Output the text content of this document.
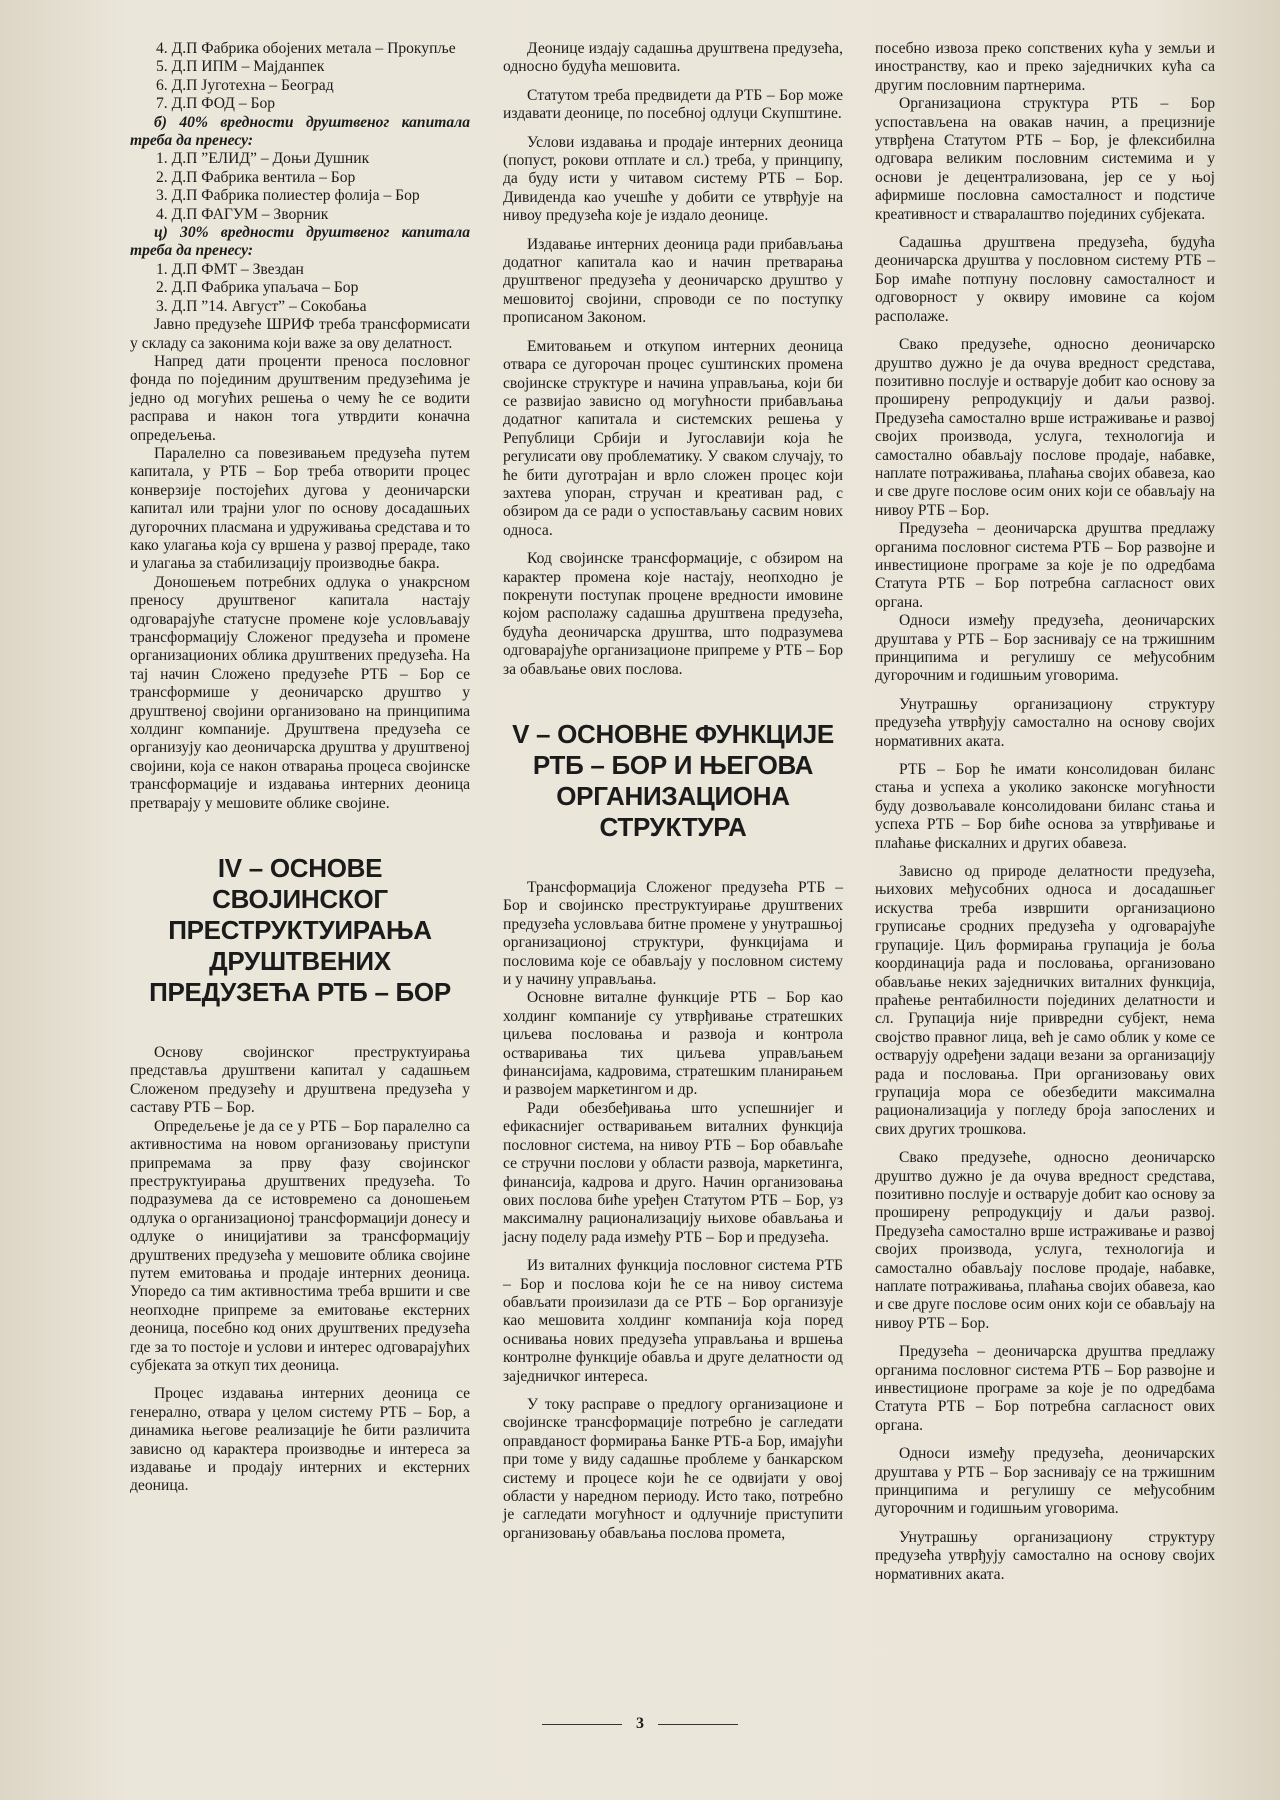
4. Д.П Фабрика обојених метала – Прокупље
5. Д.П ИПМ – Мајданпек
6. Д.П Југотехна – Београд
7. Д.П ФОД – Бор

б) 40% вредности друштвеног капитала треба да пренесу:

1. Д.П ”ЕЛИД” – Доњи Душник
2. Д.П Фабрика вентила – Бор
3. Д.П Фабрика полиестер фолија – Бор
4. Д.П ФАГУМ – Зворник

ц) 30% вредности друштвеног капитала треба да пренесу:

1. Д.П ФМТ – Звездан
2. Д.П Фабрика упаљача – Бор
3. Д.П ”14. Август” – Сокобања

Јавно предузеће ШРИФ треба трансформисати у складу са законима који важе за ову делатност.

Напред дати проценти преноса пословног фонда по појединим друштвеним предузећима је једно од могућих решења о чему ће се водити расправа и након тога утврдити коначна опредељења.

Паралелно са повезивањем предузећа путем капитала, у РТБ – Бор треба отворити процес конверзије постојећих дугова у деоничарски капитал или трајни улог по основу досадашњих дугорочних пласмана и удруживања средстава и то како улагања која су вршена у развој прераде, тако и улагања за стабилизацију производње бакра.

Доношењем потребних одлука о унакрсном преносу друштвеног капитала настају одговарајуће статусне промене које условљавају трансформацију Сложеног предузећа и промене организационих облика друштвених предузећа. На тај начин Сложено предузеће РТБ – Бор се трансформише у деоничарско друштво у друштвеној својини организовано на принципима холдинг компаније. Друштвена предузећа се организују као деоничарска друштва у друштвеној својини, која се након отварања процеса својинске трансформације и издавања интерних деоница претварају у мешовите облике својине.

IV – ОСНОВЕ
СВОЈИНСКОГ
ПРЕСТРУКТУИРАЊА
ДРУШТВЕНИХ
ПРЕДУЗЕЋА РТБ – БОР

Основу својинског преструктуирања представља друштвени капитал у садашњем Сложеном предузећу и друштвена предузећа у саставу РТБ – Бор.

Опредељење је да се у РТБ – Бор паралелно са активностима на новом организовању приступи припремама за прву фазу својинског преструктуирања друштвених предузећа. То подразумева да се истовремено са доношењем одлука о организационој трансформацији донесу и одлуке о иницијативи за трансформацију друштвених предузећа у мешовите облика својине путем емитовања и продаје интерних деоница. Упоредо са тим активностима треба вршити и све неопходне припреме за емитовање екстерних деоница, посебно код оних друштвених предузећа где за то постоје и услови и интерес одговарајућих субјеката за откуп тих деоница.

Процес издавања интерних деоница се генерално, отвара у целом систему РТБ – Бор, а динамика његове реализације ће бити различита зависно од карактера производње и интереса за издавање и продају интерних и екстерних деоница.

Деонице издају садашња друштвена предузећа, односно будућа мешовита.

Статутом треба предвидети да РТБ – Бор може издавати деонице, по посебној одлуци Скупштине.

Услови издавања и продаје интерних деоница (попуст, рокови отплате и сл.) треба, у принципу, да буду исти у читавом систему РТБ – Бор. Дивиденда као учешће у добити се утврђује на нивоу предузећа које је издало деонице.

Издавање интерних деоница ради прибављања додатног капитала као и начин претварања друштвеног предузећа у деоничарско друштво у мешовитој својини, спроводи се по поступку прописаном Законом.

Емитовањем и откупом интерних деоница отвара се дугорочан процес суштинских промена својинске структуре и начина управљања, који би се развијао зависно од могућности прибављања додатног капитала и системских решења у Републици Србији и Југославији која ће регулисати ову проблематику. У сваком случају, то ће бити дуготрајан и врло сложен процес који захтева упоран, стручан и креативан рад, с обзиром да се ради о успостављању сасвим нових односа.

Код својинске трансформације, с обзиром на карактер промена које настају, неопходно је покренути поступак процене вредности имовине којом располажу садашња друштвена предузећа, будућа деоничарска друштва, што подразумева одговарајуће организационе припреме у РТБ – Бор за обављање ових послова.

V – ОСНОВНЕ ФУНКЦИЈЕ
РТБ – БОР И ЊЕГОВА
ОРГАНИЗАЦИОНА
СТРУКТУРА

Трансформација Сложеног предузећа РТБ – Бор и својинско преструктуирање друштвених предузећа условљава битне промене у унутрашњој организационој структури, функцијама и пословима које се обављају у пословном систему и у начину управљања.

Основне виталне функције РТБ – Бор као холдинг компаније су утврђивање стратешких циљева пословања и развоја и контрола остваривања тих циљева управљањем финансијама, кадровима, стратешким планирањем и развојем маркетингом и др.

Ради обезбеђивања што успешнијег и ефикаснијег остваривањем виталних функција пословног система, на нивоу РТБ – Бор обављаће се стручни послови у области развоја, маркетинга, финансија, кадрова и друго. Начин организовања ових послова биће уређен Статутом РТБ – Бор, уз максималну рационализацију њихове обављања и јасну поделу рада између РТБ – Бор и предузећа.

Из виталних функција пословног система РТБ – Бор и послова који ће се на нивоу система обављати произилази да се РТБ – Бор организује као мешовита холдинг компанија која поред оснивања нових предузећа управљања и вршења контролне функције обавља и друге делатности од заједничког интереса.

У току расправе о предлогу организационе и својинске трансформације потребно је сагледати оправданост формирања Банке РТБ-а Бор, имајући при томе у виду садашње проблеме у банкарском систему и процесе који ће се одвијати у овој области у наредном периоду. Исто тако, потребно је сагледати могућност и одлучније приступити организовању обављања послова промета,

посебно извоза преко сопствених кућа у земљи и иностранству, као и преко заједничких кућа са другим пословним партнерима.

Организациона структура РТБ – Бор успостављена на овакав начин, а прецизније утврђена Статутом РТБ – Бор, је флексибилна одговара великим пословним системима и у основи је децентрализована, јер се у њој афирмише пословна самосталност и подстиче креативност и стваралаштво појединих субјеката.

Садашња друштвена предузећа, будућа деоничарска друштва у пословном систему РТБ – Бор имаће потпуну пословну самосталност и одговорност у оквиру имовине са којом располаже.

Свако предузеће, односно деоничарско друштво дужно је да очува вредност средстава, позитивно послује и остварује добит као основу за проширену репродукцију и даљи развој. Предузећа самостално врше истраживање и развој својих производа, услуга, технологија и самостално обављају послове продаје, набавке, наплате потраживања, плаћања својих обавеза, као и све друге послове осим оних који се обављају на нивоу РТБ – Бор.

Предузећа – деоничарска друштва предлажу органима пословног система РТБ – Бор развојне и инвестиционе програме за које је по одредбама Статута РТБ – Бор потребна сагласност ових органа.

Односи између предузећа, деоничарских друштава у РТБ – Бор заснивају се на тржишним принципима и регулишу се међусобним дугорочним и годишњим уговорима.

Унутрашњу организациону структуру предузећа утврђују самостално на основу својих нормативних аката.

РТБ – Бор ће имати консолидован биланс стања и успеха а уколико законске могућности буду дозвољавале консолидовани биланс стања и успеха РТБ – Бор биће основа за утврђивање и плаћање фискалних и других обавеза.

Зависно од природе делатности предузећа, њихових међусобних односа и досадашњег искуства треба извршити организационо груписање сродних предузећа у одговарајуће групације. Циљ формирања групација је боља координација рада и пословања, организовано обављање неких заједничких виталних функција, праћење рентабилности појединих делатности и сл. Групација није привредни субјект, нема својство правног лица, већ је само облик у коме се остварују одређени задаци везани за организацију рада и пословања. При организовању ових групација мора се обезбедити максимална рационализација у погледу броја запослених и свих других трошкова.

Свако предузеће, односно деоничарско друштво дужно је да очува вредност средстава, позитивно послује и остварује добит као основу за проширену репродукцију и даљи развој. Предузећа самостално врше истраживање и развој својих производа, услуга, технологија и самостално обављају послове продаје, набавке, наплате потраживања, плаћања својих обавеза, као и све друге послове осим оних који се обављају на нивоу РТБ – Бор.

Предузећа – деоничарска друштва предлажу органима пословног система РТБ – Бор развојне и инвестиционе програме за које је по одредбама Статута РТБ – Бор потребна сагласност ових органа.

Односи између предузећа, деоничарских друштава у РТБ – Бор заснивају се на тржишним принципима и регулишу се међусобним дугорочним и годишњим уговорима.

Унутрашњу организациону структуру предузећа утврђују самостално на основу својих нормативних аката.

3
